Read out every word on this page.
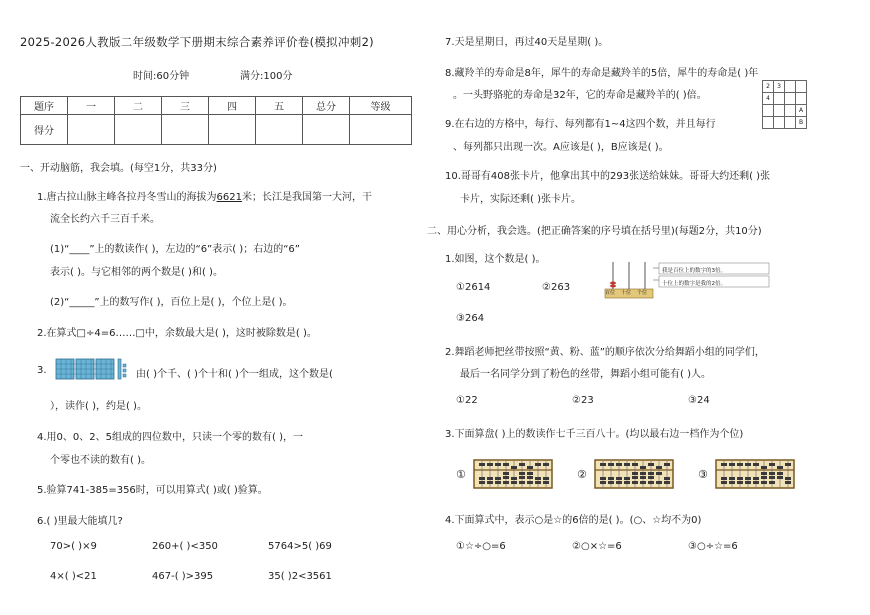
2025-2026人教版二年级数学下册期末综合素养评价卷(模拟冲刺2)
时间:60分钟	满分:100分
题序	一	二	三	四	五	总分	等级
得分							
一、开动脑筋，我会填。(每空1分，共33分)
1.唐古拉山脉主峰各拉丹冬雪山的海拔为6621米；长江是我国第一大河，干
流全长约六千三百千米。
(1)“____”上的数读作( )，左边的“6”表示( )；右边的“6”
表示( )。与它相邻的两个数是( )和( )。
(2)“_____”上的数写作( )，百位上是( )，个位上是( )。
2.在算式□÷4=6……□中，余数最大是( )，这时被除数是( )。
3.	由( )个千、( )个十和( )个一组成，这个数是(
），读作( )，约是( )。
4.用0、0、2、5组成的四位数中，只读一个零的数有( )，一
个零也不读的数有( )。
5.验算741-385=356时，可以用算式( )或( )验算。
6.( )里最大能填几?
70>( )×9	260+( )<350	5764>5( )69
4×( )<21	467-( )>395	35( )2<3561
7.天是星期日，再过40天是星期( )。
8.藏羚羊的寿命是8年，犀牛的寿命是藏羚羊的5倍，犀牛的寿命是( )年
。一头野骆驼的寿命是32年，它的寿命是藏羚羊的( )倍。
2	3		
4			
			A
			B
9.在右边的方格中，每行、每列都有1~4这四个数，并且每行
、每列都只出现一次。A应该是( )，B应该是( )。
10.哥哥有408张卡片，他拿出其中的293张送给妹妹。哥哥大约还剩( )张
卡片，实际还剩( )张卡片。
二、用心分析，我会选。(把正确答案的序号填在括号里)(每题2分，共10分)
1.如图，这个数是( )。
百位 十位 个位
我是百位上的数字的3倍。
十位上的数字是我的2倍。
①2614	②263
③264
2.舞蹈老师把丝带按照“黄、粉、蓝”的顺序依次分给舞蹈小组的同学们，
最后一名同学分到了粉色的丝带，舞蹈小组可能有( )人。
①22	②23	③24
3.下面算盘( )上的数读作七千三百八十。(均以最右边一档作为个位)
①	②	③
4.下面算式中，表示○是☆的6倍的是( )。(○、☆均不为0)
①☆÷○=6	②○×☆=6	③○÷☆=6
